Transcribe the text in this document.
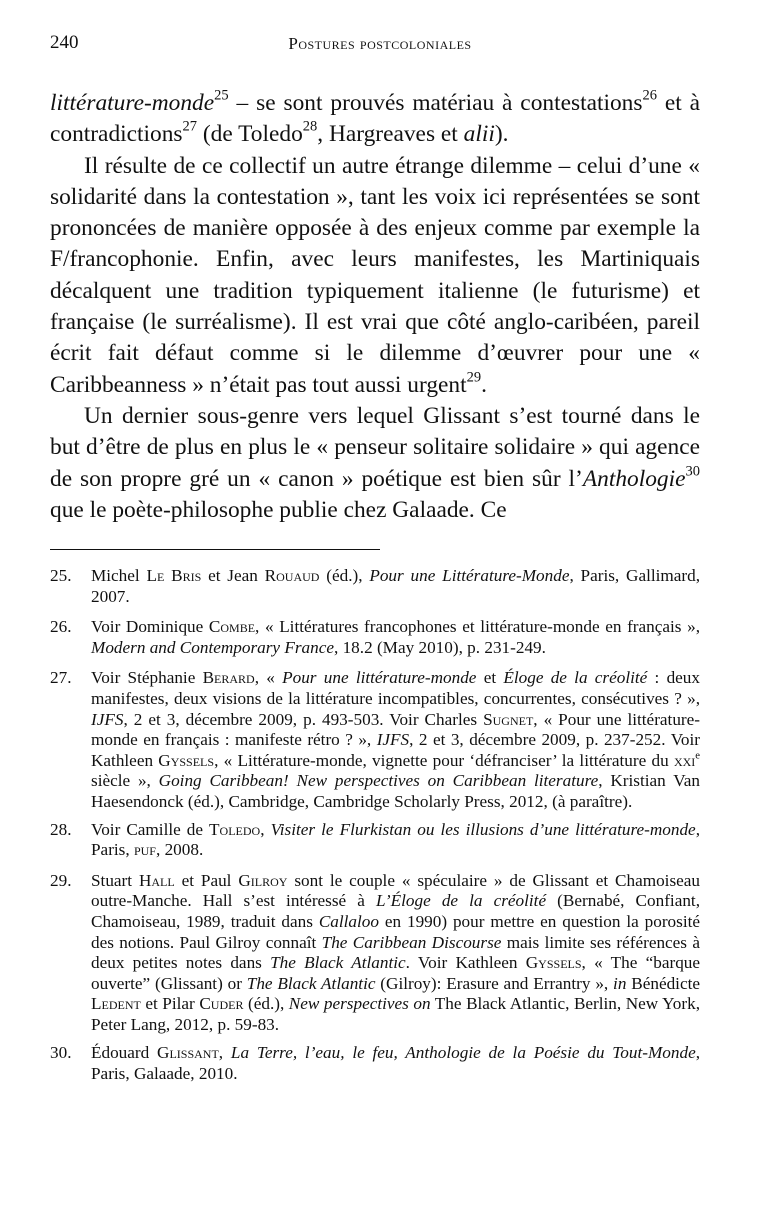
240	Postures postcoloniales

littérature-monde$^{25}$ – se sont prouvés matériau à contestations$^{26}$ et à contradictions$^{27}$ (de Toledo$^{28}$, Hargreaves et alii).

Il résulte de ce collectif un autre étrange dilemme – celui d’une « solidarité dans la contestation », tant les voix ici représentées se sont prononcées de manière opposée à des enjeux comme par exemple la F/francophonie. Enfin, avec leurs manifestes, les Martiniquais décalquent une tradition typiquement italienne (le futurisme) et française (le surréalisme). Il est vrai que côté anglo-caribéen, pareil écrit fait défaut comme si le dilemme d’œuvrer pour une « Caribbeanness » n’était pas tout aussi urgent$^{29}$.

Un dernier sous-genre vers lequel Glissant s’est tourné dans le but d’être de plus en plus le « penseur solitaire solidaire » qui agence de son propre gré un « canon » poétique est bien sûr l’Anthologie$^{30}$ que le poète-philosophe publie chez Galaade. Ce

25.	Michel Le Bris et Jean Rouaud (éd.), Pour une Littérature-Monde, Paris, Gallimard, 2007.
26.	Voir Dominique Combe, « Littératures francophones et littérature-monde en français », Modern and Contemporary France, 18.2 (May 2010), p. 231-249.
27.	Voir Stéphanie Berard, « Pour une littérature-monde et Éloge de la créolité : deux manifestes, deux visions de la littérature incompatibles, concurrentes, consécutives ? », IJFS, 2 et 3, décembre 2009, p. 493-503. Voir Charles Sugnet, « Pour une littérature-monde en français : manifeste rétro ? », IJFS, 2 et 3, décembre 2009, p. 237-252. Voir Kathleen Gyssels, « Littérature-monde, vignette pour ‘défranciser’ la littérature du xxi$^e$ siècle », Going Caribbean! New perspectives on Caribbean literature, Kristian Van Haesendonck (éd.), Cambridge, Cambridge Scholarly Press, 2012, (à paraître).
28.	Voir Camille de Toledo, Visiter le Flurkistan ou les illusions d’une littérature-monde, Paris, puf, 2008.
29.	Stuart Hall et Paul Gilroy sont le couple « spéculaire » de Glissant et Chamoiseau outre-Manche. Hall s’est intéressé à L’Éloge de la créolité (Bernabé, Confiant, Chamoiseau, 1989, traduit dans Callaloo en 1990) pour mettre en question la porosité des notions. Paul Gilroy connaît The Caribbean Discourse mais limite ses références à deux petites notes dans The Black Atlantic. Voir Kathleen Gyssels, « The “barque ouverte” (Glissant) or The Black Atlantic (Gilroy): Erasure and Errantry », in Bénédicte Ledent et Pilar Cuder (éd.), New perspectives on The Black Atlantic, Berlin, New York, Peter Lang, 2012, p. 59-83.
30.	Édouard Glissant, La Terre, l’eau, le feu, Anthologie de la Poésie du Tout-Monde, Paris, Galaade, 2010.
